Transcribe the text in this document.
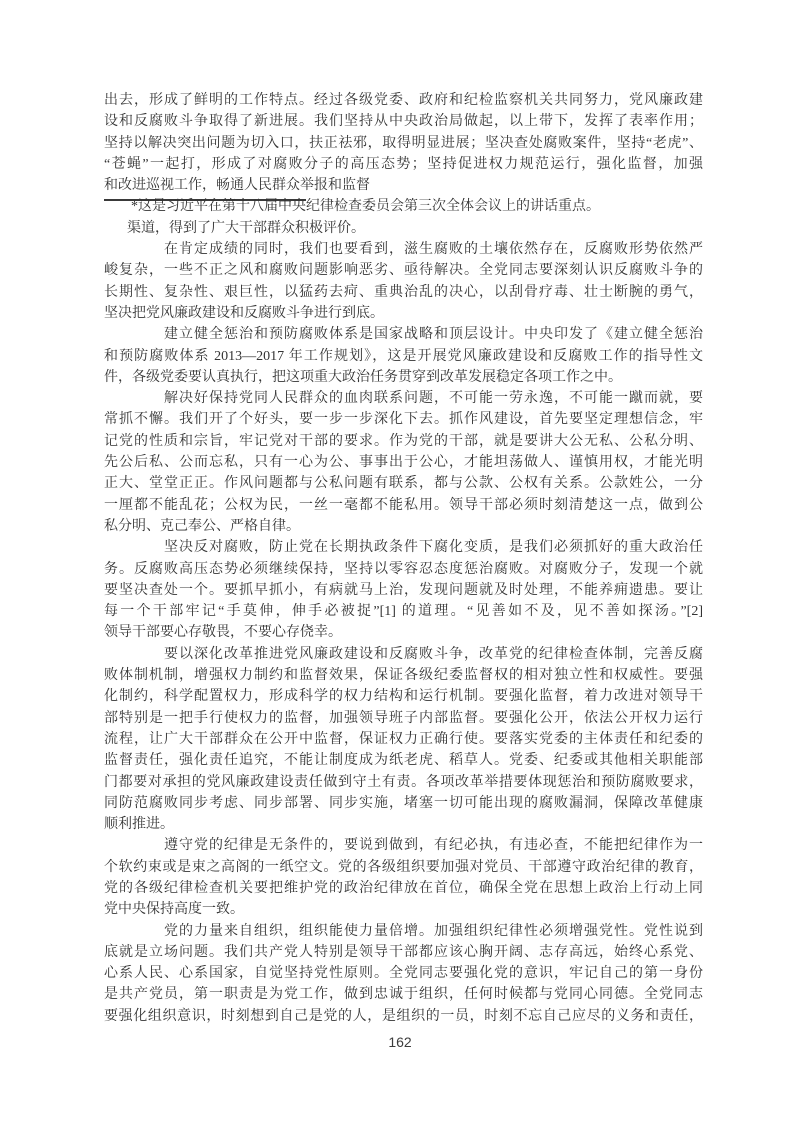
出去，形成了鲜明的工作特点。经过各级党委、政府和纪检监察机关共同努力，党风廉政建
设和反腐败斗争取得了新进展。我们坚持从中央政治局做起，以上带下，发挥了表率作用；
坚持以解决突出问题为切入口，扶正祛邪，取得明显进展；坚决查处腐败案件，坚持“老虎”、
“苍蝇”一起打，形成了对腐败分子的高压态势；坚持促进权力规范运行，强化监督，加强
和改进巡视工作，畅通人民群众举报和监督
*这是习近平在第十八届中央纪律检查委员会第三次全体会议上的讲话重点。
渠道，得到了广大干部群众积极评价。
在肯定成绩的同时，我们也要看到，滋生腐败的土壤依然存在，反腐败形势依然严
峻复杂，一些不正之风和腐败问题影响恶劣、亟待解决。全党同志要深刻认识反腐败斗争的
长期性、复杂性、艰巨性，以猛药去疴、重典治乱的决心，以刮骨疗毒、壮士断腕的勇气，
坚决把党风廉政建设和反腐败斗争进行到底。
建立健全惩治和预防腐败体系是国家战略和顶层设计。中央印发了《建立健全惩治
和预防腐败体系 2013—2017 年工作规划》，这是开展党风廉政建设和反腐败工作的指导性文
件，各级党委要认真执行，把这项重大政治任务贯穿到改革发展稳定各项工作之中。
解决好保持党同人民群众的血肉联系问题，不可能一劳永逸，不可能一蹴而就，要
常抓不懈。我们开了个好头，要一步一步深化下去。抓作风建设，首先要坚定理想信念，牢
记党的性质和宗旨，牢记党对干部的要求。作为党的干部，就是要讲大公无私、公私分明、
先公后私、公而忘私，只有一心为公、事事出于公心，才能坦荡做人、谨慎用权，才能光明
正大、堂堂正正。作风问题都与公私问题有联系，都与公款、公权有关系。公款姓公，一分
一厘都不能乱花；公权为民，一丝一毫都不能私用。领导干部必须时刻清楚这一点，做到公
私分明、克己奉公、严格自律。
坚决反对腐败，防止党在长期执政条件下腐化变质，是我们必须抓好的重大政治任
务。反腐败高压态势必须继续保持，坚持以零容忍态度惩治腐败。对腐败分子，发现一个就
要坚决查处一个。要抓早抓小，有病就马上治，发现问题就及时处理，不能养痈遗患。要让
每一个干部牢记“手莫伸，伸手必被捉”[1] 的道理。“见善如不及，见不善如探汤。”[2]
领导干部要心存敬畏，不要心存侥幸。
要以深化改革推进党风廉政建设和反腐败斗争，改革党的纪律检查体制，完善反腐
败体制机制，增强权力制约和监督效果，保证各级纪委监督权的相对独立性和权威性。要强
化制约，科学配置权力，形成科学的权力结构和运行机制。要强化监督，着力改进对领导干
部特别是一把手行使权力的监督，加强领导班子内部监督。要强化公开，依法公开权力运行
流程，让广大干部群众在公开中监督，保证权力正确行使。要落实党委的主体责任和纪委的
监督责任，强化责任追究，不能让制度成为纸老虎、稻草人。党委、纪委或其他相关职能部
门都要对承担的党风廉政建设责任做到守土有责。各项改革举措要体现惩治和预防腐败要求，
同防范腐败同步考虑、同步部署、同步实施，堵塞一切可能出现的腐败漏洞，保障改革健康
顺利推进。
遵守党的纪律是无条件的，要说到做到，有纪必执，有违必查，不能把纪律作为一
个软约束或是束之高阁的一纸空文。党的各级组织要加强对党员、干部遵守政治纪律的教育，
党的各级纪律检查机关要把维护党的政治纪律放在首位，确保全党在思想上政治上行动上同
党中央保持高度一致。
党的力量来自组织，组织能使力量倍增。加强组织纪律性必须增强党性。党性说到
底就是立场问题。我们共产党人特别是领导干部都应该心胸开阔、志存高远，始终心系党、
心系人民、心系国家，自觉坚持党性原则。全党同志要强化党的意识，牢记自己的第一身份
是共产党员，第一职责是为党工作，做到忠诚于组织，任何时候都与党同心同德。全党同志
要强化组织意识，时刻想到自己是党的人，是组织的一员，时刻不忘自己应尽的义务和责任，
162
